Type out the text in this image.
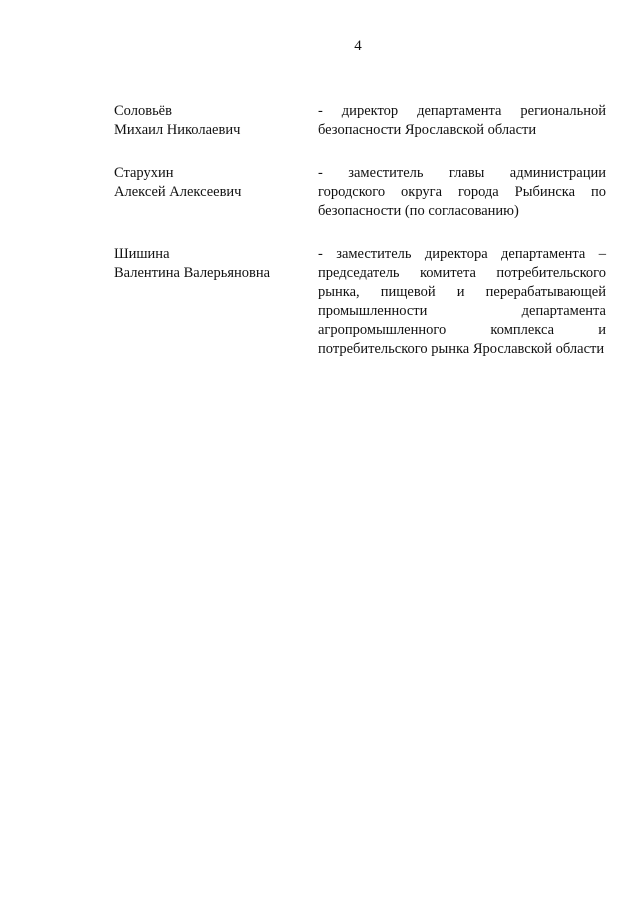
4
Соловьёв
Михаил Николаевич
- директор департамента региональной безопасности Ярославской области
Старухин
Алексей Алексеевич
- заместитель главы администрации городского округа города Рыбинска по безопасности (по согласованию)
Шишина
Валентина Валерьяновна
- заместитель директора департамента – председатель комитета потребительского рынка, пищевой и перерабатывающей промышленности департамента агропромышленного комплекса и потребительского рынка Ярославской области
